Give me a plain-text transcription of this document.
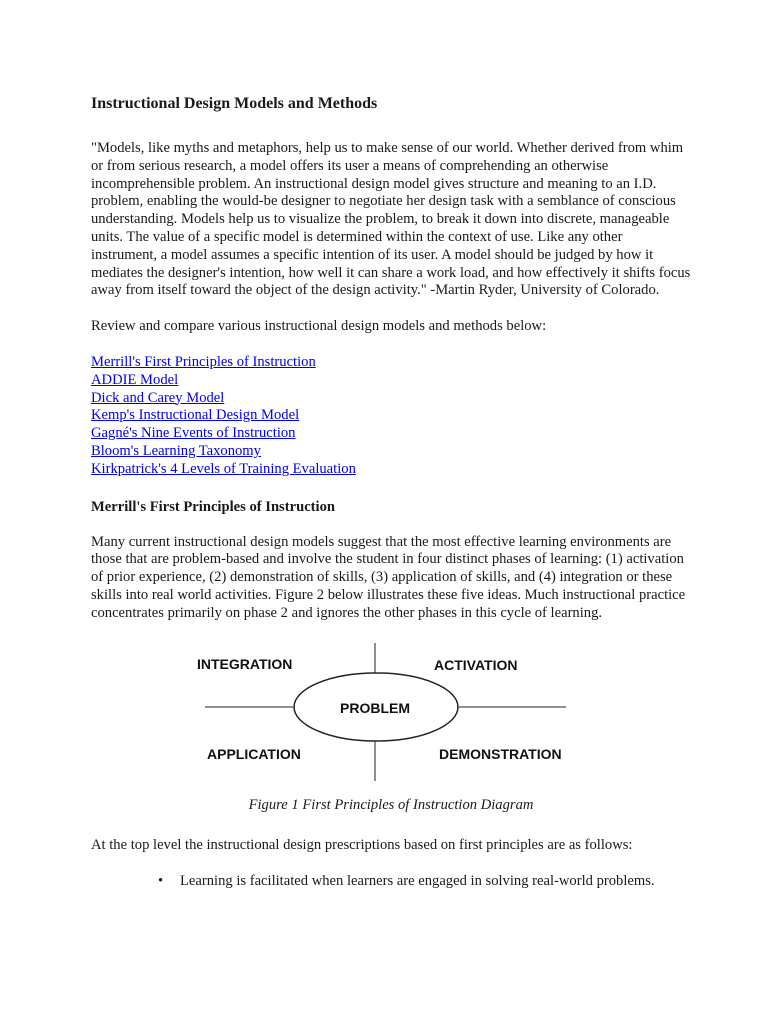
Instructional Design Models and Methods

"Models, like myths and metaphors, help us to make sense of our world. Whether derived from whim or from serious research, a model offers its user a means of comprehending an otherwise incomprehensible problem. An instructional design model gives structure and meaning to an I.D. problem, enabling the would-be designer to negotiate her design task with a semblance of conscious understanding. Models help us to visualize the problem, to break it down into discrete, manageable units. The value of a specific model is determined within the context of use. Like any other instrument, a model assumes a specific intention of its user. A model should be judged by how it mediates the designer's intention, how well it can share a work load, and how effectively it shifts focus away from itself toward the object of the design activity." -Martin Ryder, University of Colorado.

Review and compare various instructional design models and methods below:

Merrill's First Principles of Instruction
ADDIE Model
Dick and Carey Model
Kemp's Instructional Design Model
Gagné's Nine Events of Instruction
Bloom's Learning Taxonomy
Kirkpatrick's 4 Levels of Training Evaluation
Merrill's First Principles of Instruction

Many current instructional design models suggest that the most effective learning environments are those that are problem-based and involve the student in four distinct phases of learning: (1) activation of prior experience, (2) demonstration of skills, (3) application of skills, and (4) integration or these skills into real world activities. Figure 2 below illustrates these five ideas. Much instructional practice concentrates primarily on phase 2 and ignores the other phases in this cycle of learning.

INTEGRATION	ACTIVATION
PROBLEM
APPLICATION	DEMONSTRATION

Figure 1 First Principles of Instruction Diagram

At the top level the instructional design prescriptions based on first principles are as follows:

• Learning is facilitated when learners are engaged in solving real-world problems.
